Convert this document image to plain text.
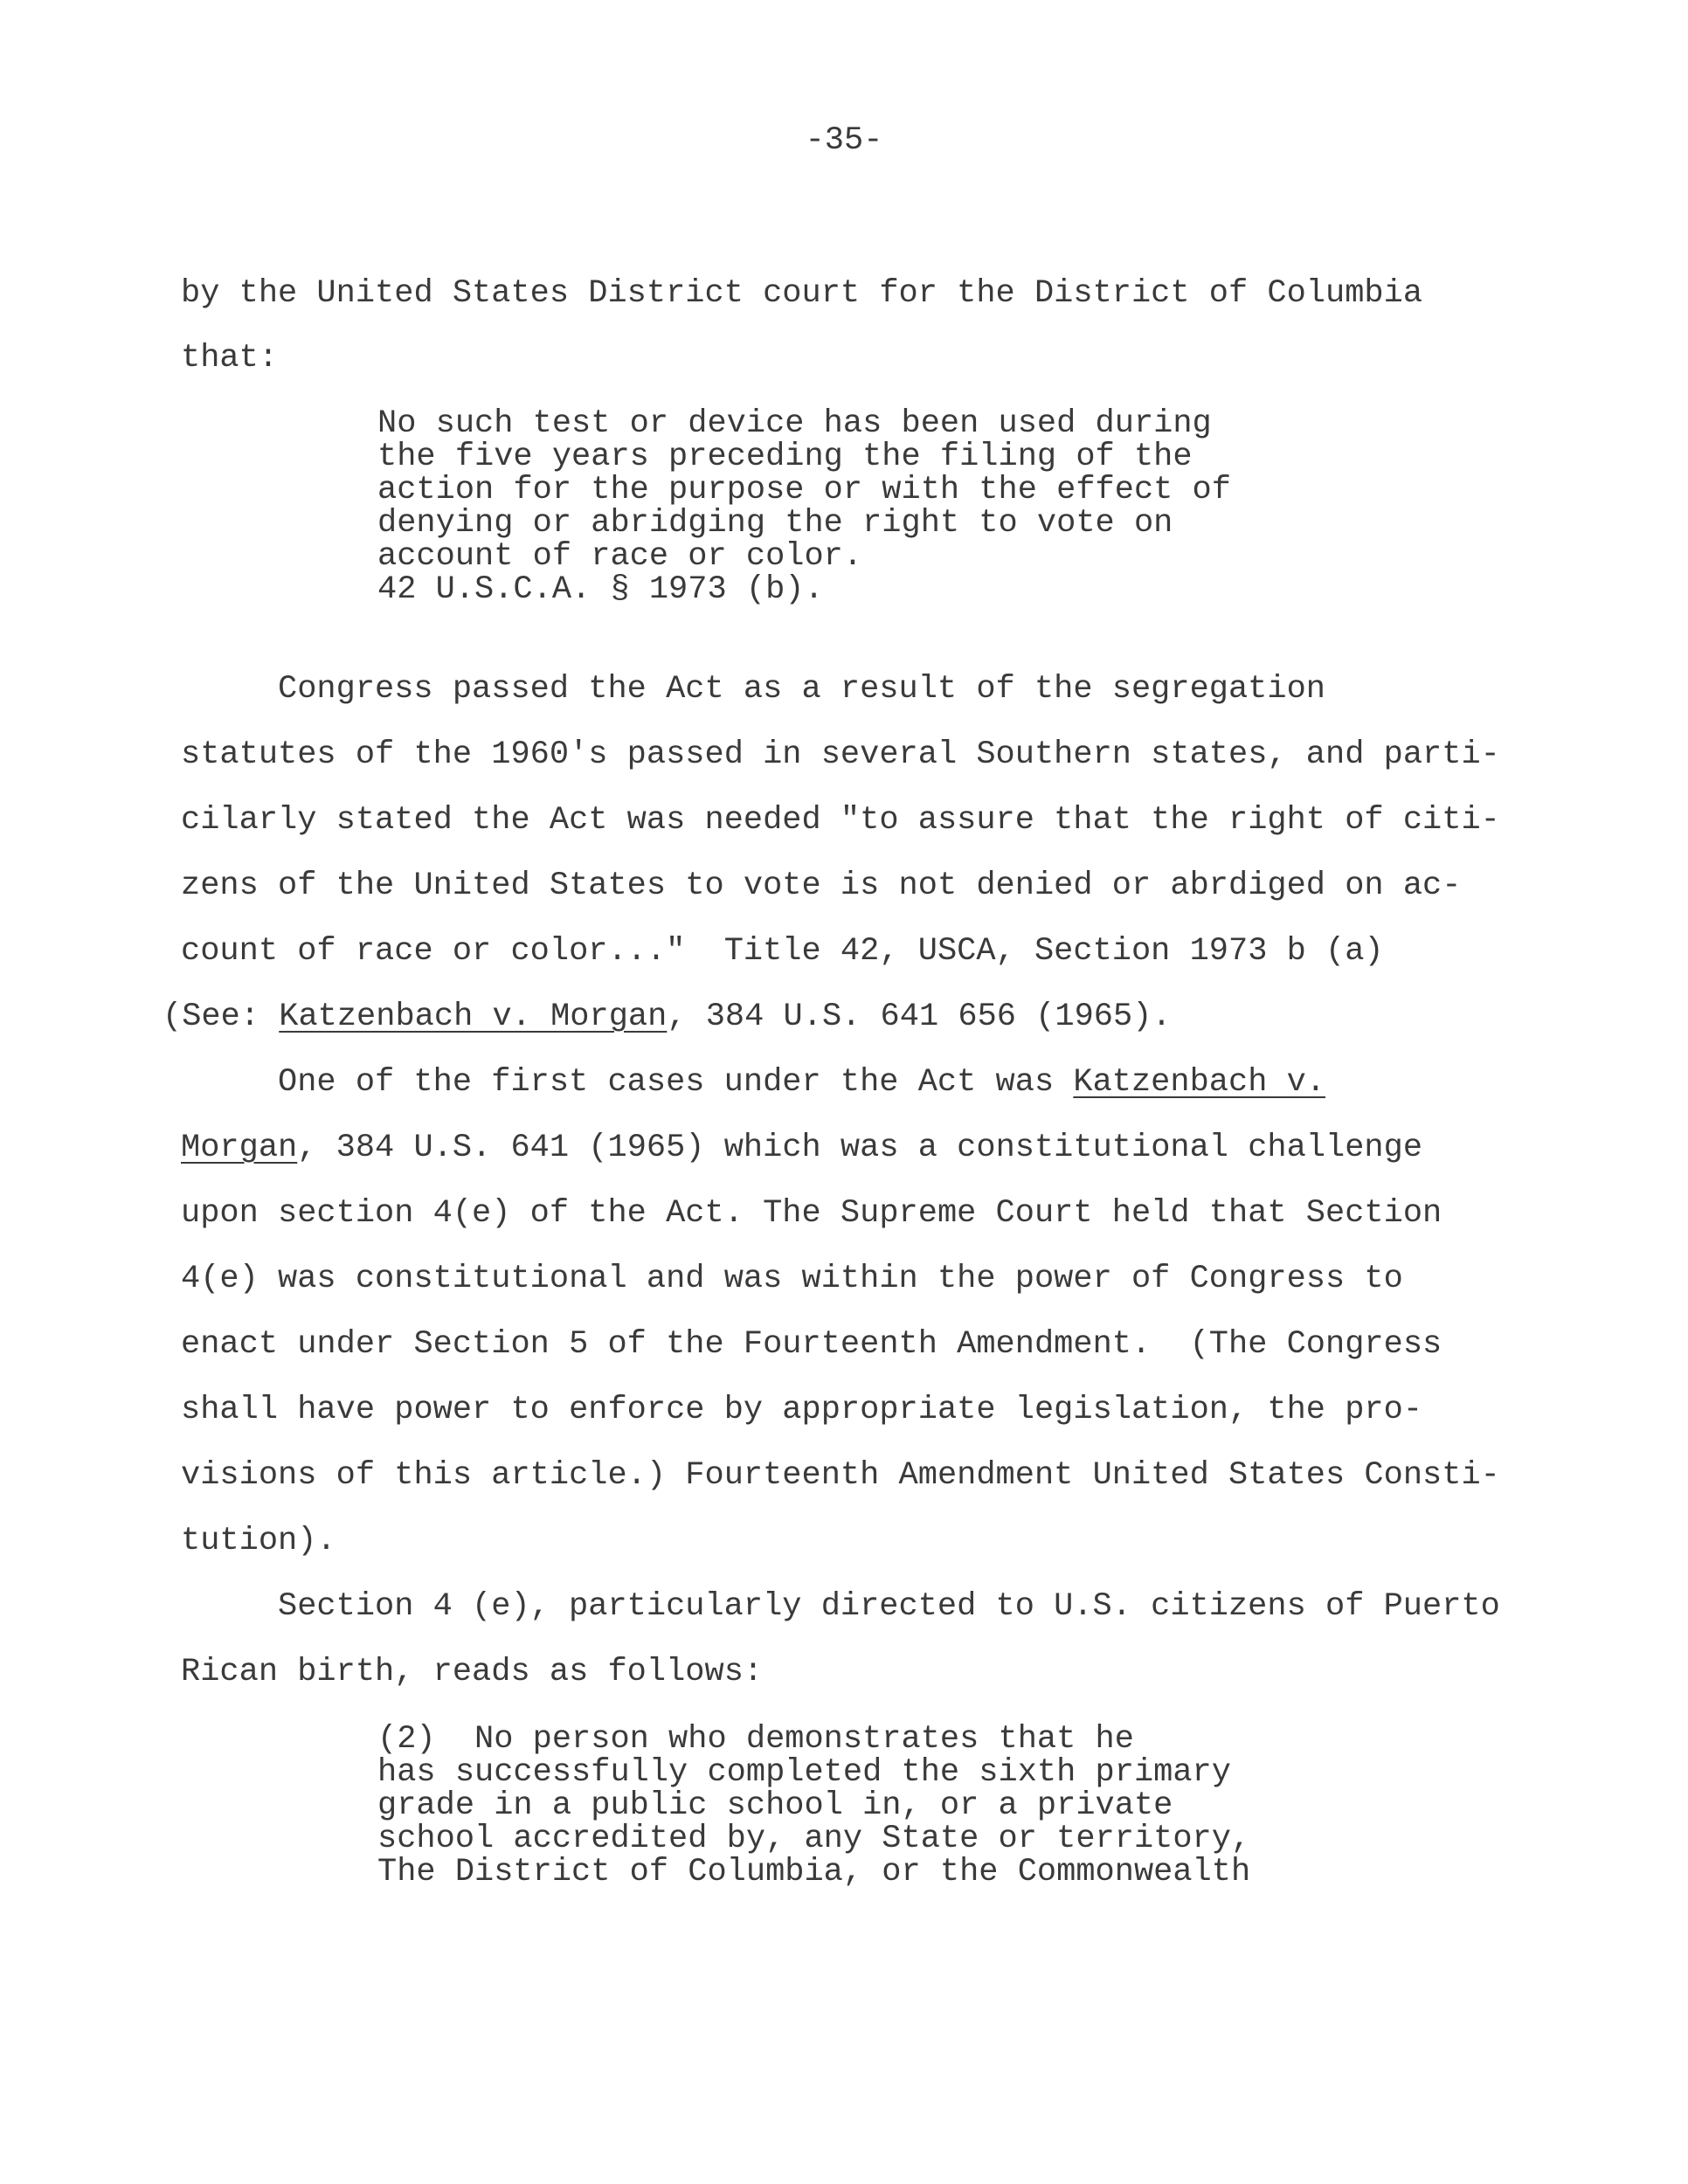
-35-
by the United States District court for the District of Columbia
that:
No such test or device has been used during
the five years preceding the filing of the
action for the purpose or with the effect of
denying or abridging the right to vote on
account of race or color.
42 U.S.C.A. § 1973 (b).
Congress passed the Act as a result of the segregation
statutes of the 1960's passed in several Southern states, and parti-
cilarly stated the Act was needed "to assure that the right of citi-
zens of the United States to vote is not denied or abrdiged on ac-
count of race or color..."  Title 42, USCA, Section 1973 b (a)
(See: Katzenbach v. Morgan, 384 U.S. 641 656 (1965).
One of the first cases under the Act was Katzenbach v.
Morgan, 384 U.S. 641 (1965) which was a constitutional challenge
upon section 4(e) of the Act. The Supreme Court held that Section
4(e) was constitutional and was within the power of Congress to
enact under Section 5 of the Fourteenth Amendment.  (The Congress
shall have power to enforce by appropriate legislation, the pro-
visions of this article.) Fourteenth Amendment United States Consti-
tution).
Section 4 (e), particularly directed to U.S. citizens of Puerto
Rican birth, reads as follows:
(2)  No person who demonstrates that he
has successfully completed the sixth primary
grade in a public school in, or a private
school accredited by, any State or territory,
The District of Columbia, or the Commonwealth
